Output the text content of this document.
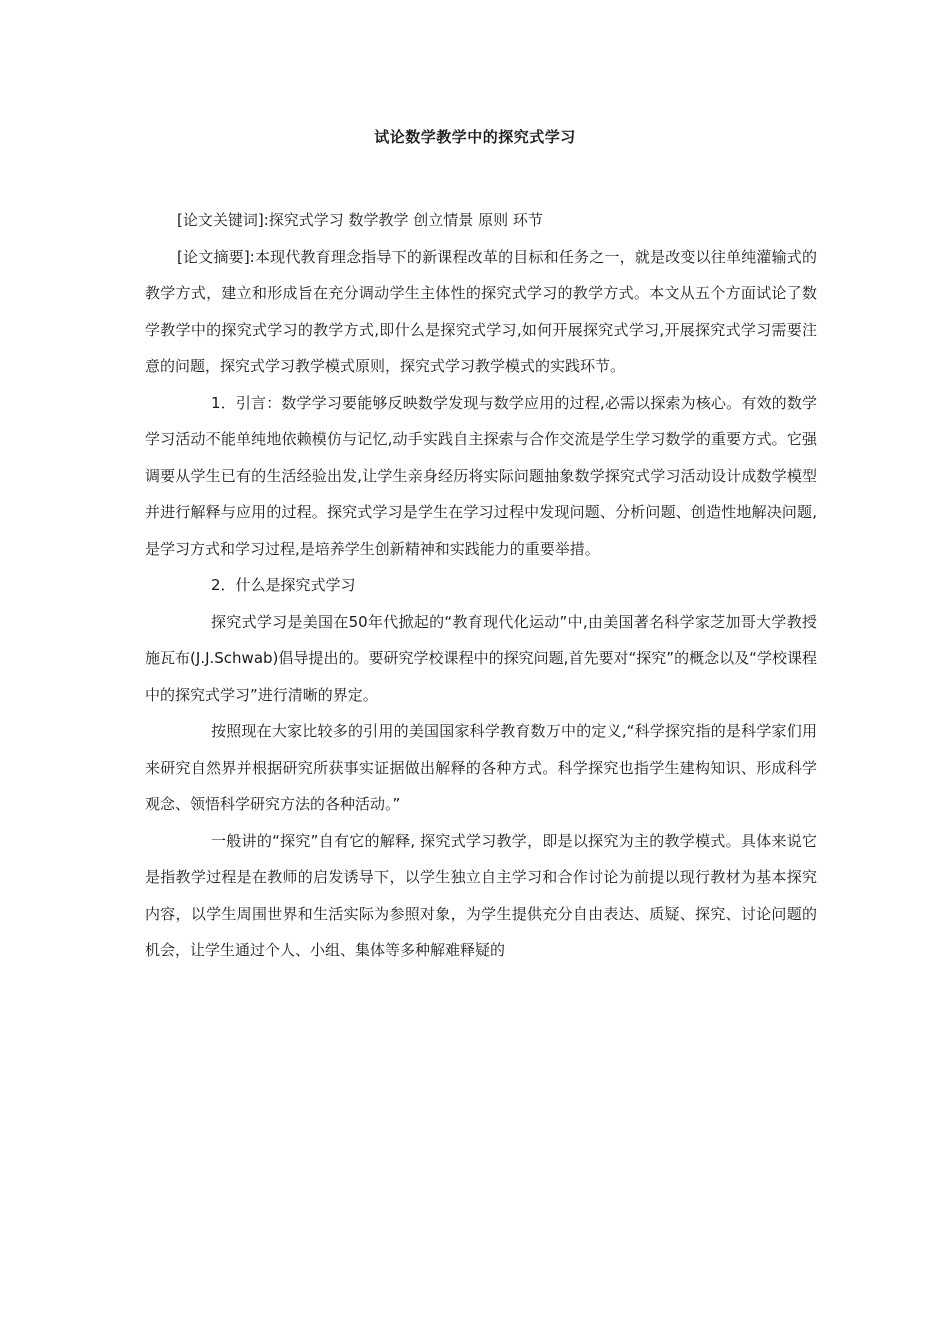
试论数学教学中的探究式学习

[论文关键词]:探究式学习 数学教学 创立情景 原则 环节

[论文摘要]:本现代教育理念指导下的新课程改革的目标和任务之一，就是改变以往单纯灌输式的教学方式，建立和形成旨在充分调动学生主体性的探究式学习的教学方式。本文从五个方面试论了数学教学中的探究式学习的教学方式,即什么是探究式学习,如何开展探究式学习,开展探究式学习需要注意的问题，探究式学习教学模式原则，探究式学习教学模式的实践环节。

1．引言：数学学习要能够反映数学发现与数学应用的过程,必需以探索为核心。有效的数学学习活动不能单纯地依赖模仿与记忆,动手实践自主探索与合作交流是学生学习数学的重要方式。它强调要从学生已有的生活经验出发,让学生亲身经历将实际问题抽象数学探究式学习活动设计成数学模型并进行解释与应用的过程。探究式学习是学生在学习过程中发现问题、分析问题、创造性地解决问题,是学习方式和学习过程,是培养学生创新精神和实践能力的重要举措。

2．什么是探究式学习

探究式学习是美国在50年代掀起的“教育现代化运动”中,由美国著名科学家芝加哥大学教授施瓦布(J.J.Schwab)倡导提出的。要研究学校课程中的探究问题,首先要对“探究”的概念以及“学校课程中的探究式学习”进行清晰的界定。

按照现在大家比较多的引用的美国国家科学教育数万中的定义,“科学探究指的是科学家们用来研究自然界并根据研究所获事实证据做出解释的各种方式。科学探究也指学生建构知识、形成科学观念、领悟科学研究方法的各种活动。”

一般讲的“探究”自有它的解释, 探究式学习教学，即是以探究为主的教学模式。具体来说它是指教学过程是在教师的启发诱导下，以学生独立自主学习和合作讨论为前提以现行教材为基本探究内容，以学生周围世界和生活实际为参照对象，为学生提供充分自由表达、质疑、探究、讨论问题的机会，让学生通过个人、小组、集体等多种解难释疑的
